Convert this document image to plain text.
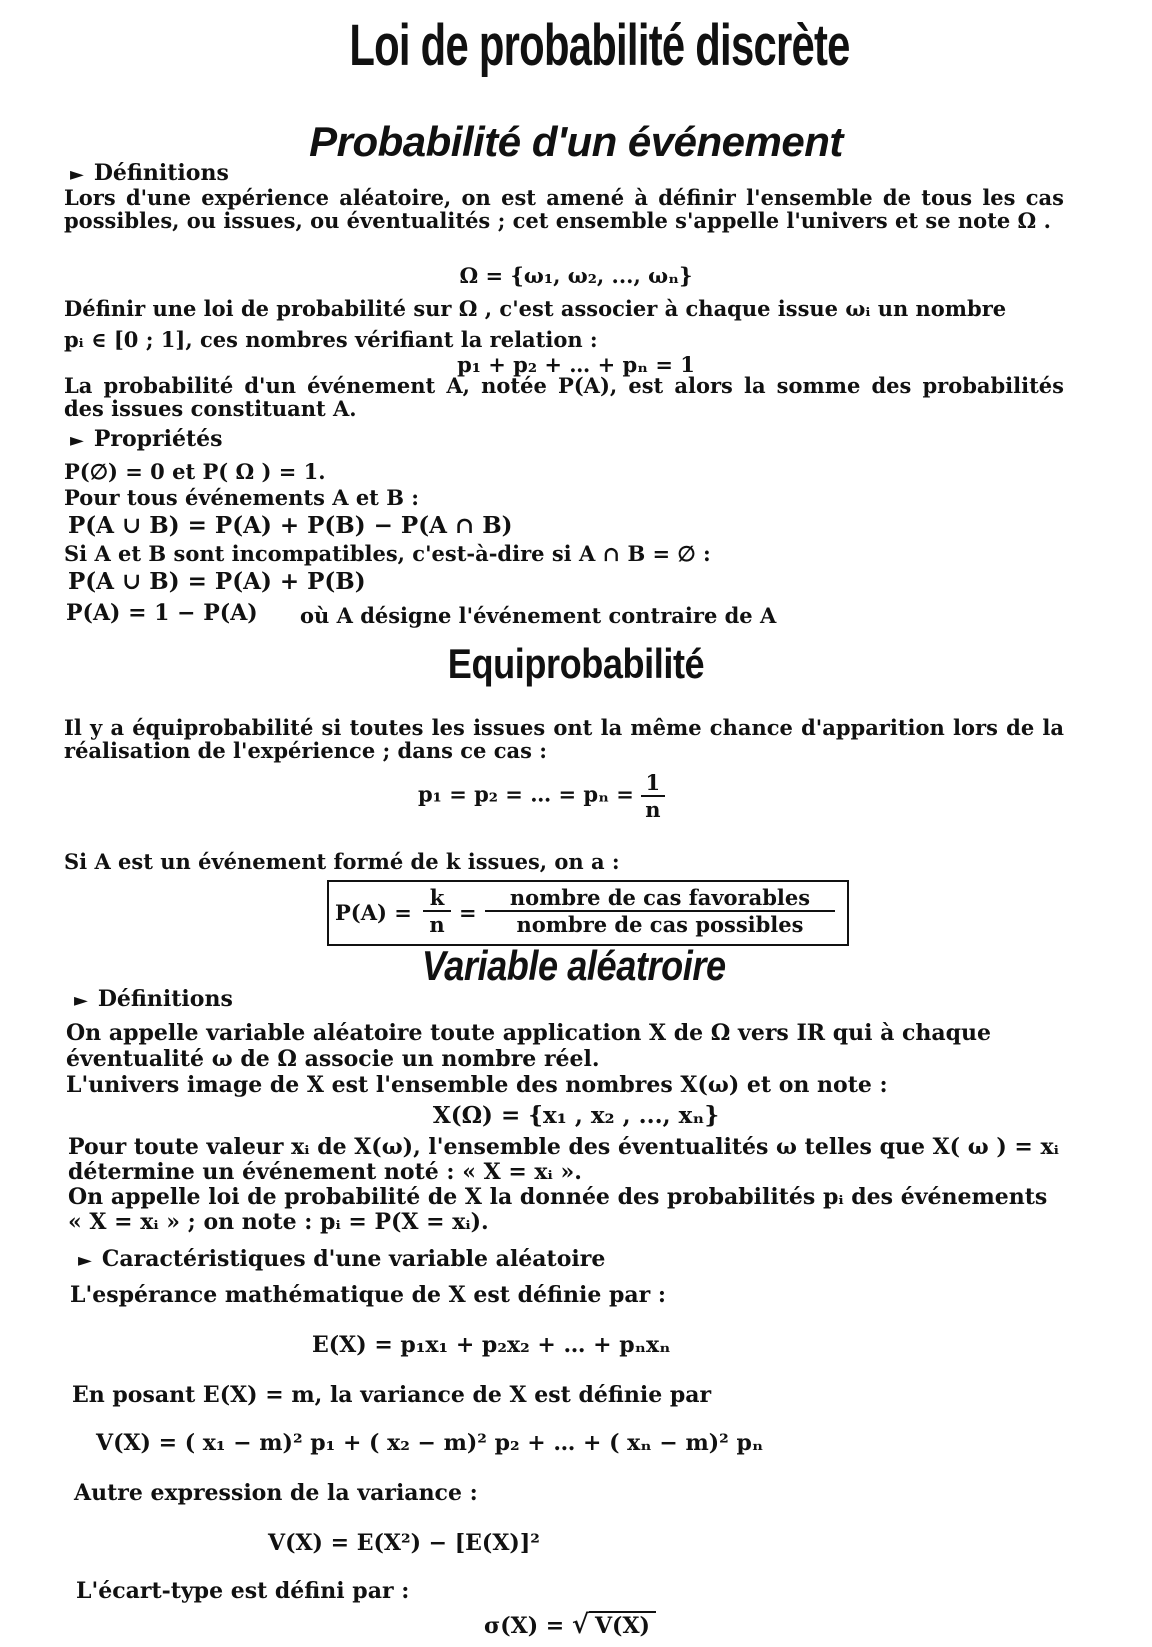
Loi de probabilité discrète
Probabilité d'un événement
► Définitions
Lors d'une expérience aléatoire, on est amené à définir l'ensemble de tous les cas possibles, ou issues, ou éventualités ; cet ensemble s'appelle l'univers et se note Ω .
Ω = {ω₁, ω₂, ..., ωₙ}
Définir une loi de probabilité sur Ω , c'est associer à chaque issue ωᵢ un nombre
pᵢ ∈ [0 ; 1], ces nombres vérifiant la relation :
p₁ + p₂ + … + pₙ = 1
La probabilité d'un événement A, notée P(A), est alors la somme des probabilités des issues constituant A.
► Propriétés
P(∅) = 0 et P( Ω ) = 1.
Pour tous événements A et B :
P(A ∪ B) = P(A) + P(B) − P(A ∩ B)
Si A et B sont incompatibles, c'est-à-dire si A ∩ B = ∅ :
P(A ∪ B) = P(A) + P(B)
P(A) = 1 − P(A) où A désigne l'événement contraire de A
Equiprobabilité
Il y a équiprobabilité si toutes les issues ont la même chance d'apparition lors de la réalisation de l'expérience ; dans ce cas :
p₁ = p₂ = … = $p_n = \frac{1}{n}$
Si A est un événement formé de k issues, on a :
P(A) =
k
n =
nombre de cas favorables
nombre de cas possibles
Variable aléatroire
► Définitions
On appelle variable aléatoire toute application X de Ω vers IR qui à chaque
éventualité ω de Ω associe un nombre réel.
L'univers image de X est l'ensemble des nombres X(ω) et on note :
X(Ω) = {x₁ , x₂ , ..., xₙ}
Pour toute valeur xᵢ de X(ω), l'ensemble des éventualités ω telles que X( ω ) = xᵢ
détermine un événement noté : « X = xᵢ ».
On appelle loi de probabilité de X la donnée des probabilités pᵢ des événements
« X = xᵢ » ; on note : pᵢ = P(X = xᵢ).
► Caractéristiques d'une variable aléatoire
L'espérance mathématique de X est définie par :
E(X) = p₁x₁ + p₂x₂ + … + pₙxₙ
En posant E(X) = m, la variance de X est définie par
V(X) = ( x₁ − m)² p₁ + ( x₂ − m)² p₂ + … + ( xₙ − m)² pₙ
Autre expression de la variance :
V(X) = E(X²) − [E(X)]²
L'écart-type est défini par :
σ(X) = √ V(X)
